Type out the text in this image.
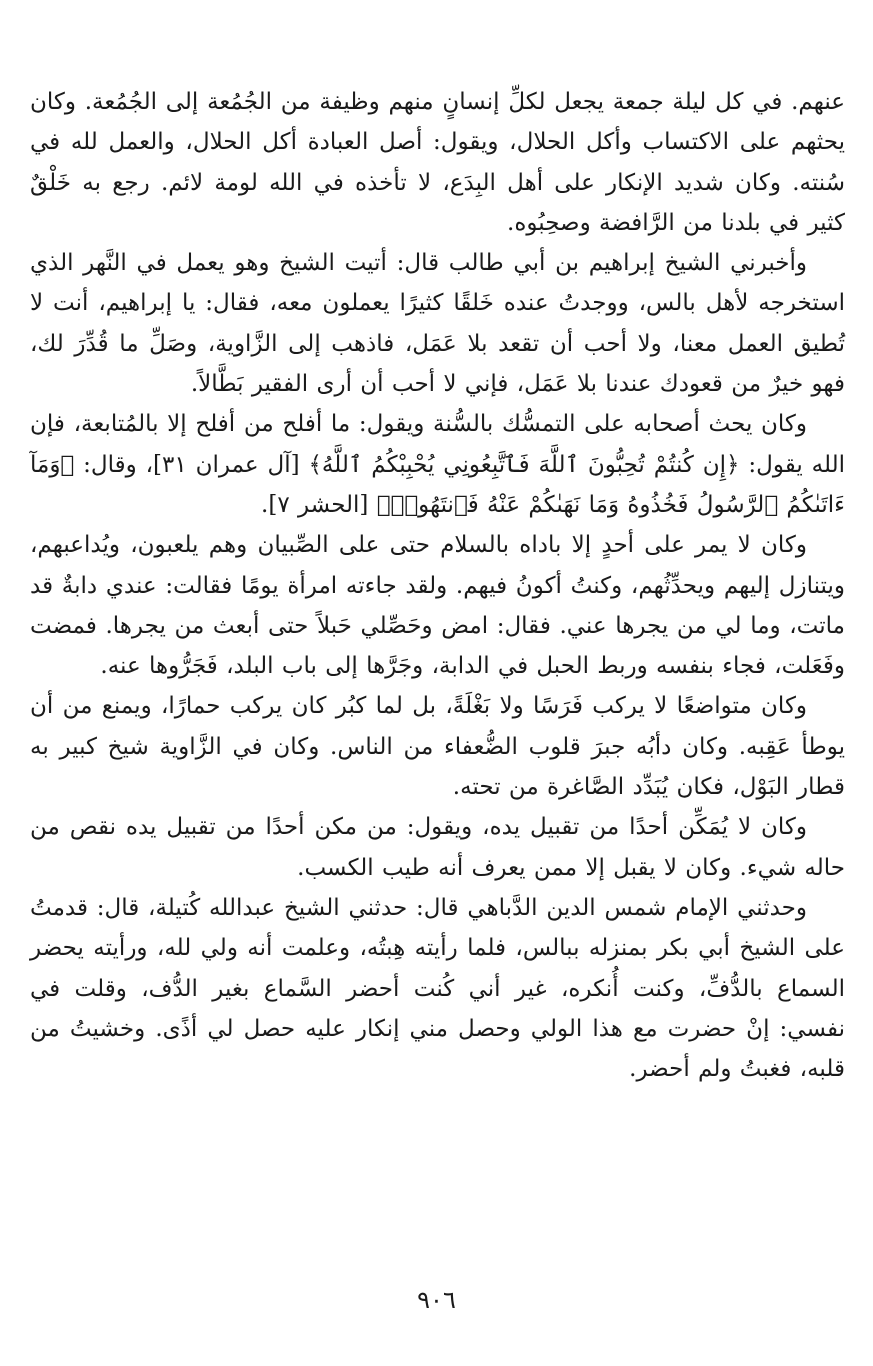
عنهم. في كل ليلة جمعة يجعل لكلِّ إنسانٍ منهم وظيفة من الجُمُعة إلى الجُمُعة. وكان يحثهم على الاكتساب وأكل الحلال، ويقول: أصل العبادة أكل الحلال، والعمل لله في سُنته. وكان شديد الإنكار على أهل البِدَع، لا تأخذه في الله لومة لائم. رجع به خَلْقٌ كثير في بلدنا من الرَّافضة وصحِبُوه.

وأخبرني الشيخ إبراهيم بن أبي طالب قال: أتيت الشيخ وهو يعمل في النَّهر الذي استخرجه لأهل بالس، ووجدتُ عنده خَلقًا كثيرًا يعملون معه، فقال: يا إبراهيم، أنت لا تُطيق العمل معنا، ولا أحب أن تقعد بلا عَمَل، فاذهب إلى الزَّاوية، وصَلِّ ما قُدِّرَ لك، فهو خيرٌ من قعودك عندنا بلا عَمَل، فإني لا أحب أن أرى الفقير بَطَّالاً.

وكان يحث أصحابه على التمسُّك بالسُّنة ويقول: ما أفلح من أفلح إلا بالمُتابعة، فإن الله يقول: ﴿إِن كُنتُمْ تُحِبُّونَ ٱللَّهَ فَٱتَّبِعُونِي يُحْبِبْكُمُ ٱللَّهُ﴾ [آل عمران ٣١]، وقال: ﴿وَمَآ ءَاتَىٰكُمُ ٱلرَّسُولُ فَخُذُوهُ وَمَا نَهَىٰكُمْ عَنْهُ فَٱنتَهُوا۟﴾ [الحشر ٧].

وكان لا يمر على أحدٍ إلا باداه بالسلام حتى على الصِّبيان وهم يلعبون، ويُداعبهم، ويتنازل إليهم ويحدِّثُهم، وكنتُ أكونُ فيهم. ولقد جاءته امرأة يومًا فقالت: عندي دابةٌ قد ماتت، وما لي من يجرها عني. فقال: امض وحَصِّلي حَبلاً حتى أبعث من يجرها. فمضت وفَعَلت، فجاء بنفسه وربط الحبل في الدابة، وجَرَّها إلى باب البلد، فَجَرُّوها عنه.

وكان متواضعًا لا يركب فَرَسًا ولا بَغْلَةً، بل لما كبُر كان يركب حمارًا، ويمنع من أن يوطأ عَقِبه. وكان دأبُه جبرَ قلوب الضُّعفاء من الناس. وكان في الزَّاوية شيخ كبير به قطار البَوْل، فكان يُبَدِّد الصَّاغرة من تحته.

وكان لا يُمَكِّن أحدًا من تقبيل يده، ويقول: من مكن أحدًا من تقبيل يده نقص من حاله شيء. وكان لا يقبل إلا ممن يعرف أنه طيب الكسب.

وحدثني الإمام شمس الدين الدَّباهي قال: حدثني الشيخ عبدالله كُتيلة، قال: قدمتُ على الشيخ أبي بكر بمنزله ببالس، فلما رأيته هِبتُه، وعلمت أنه ولي لله، ورأيته يحضر السماع بالدُّفِّ، وكنت أُنكره، غير أني كُنت أحضر السَّماع بغير الدُّف، وقلت في نفسي: إنْ حضرت مع هذا الولي وحصل مني إنكار عليه حصل لي أذًى. وخشيتُ من قلبه، فغبتُ ولم أحضر.

٩٠٦
